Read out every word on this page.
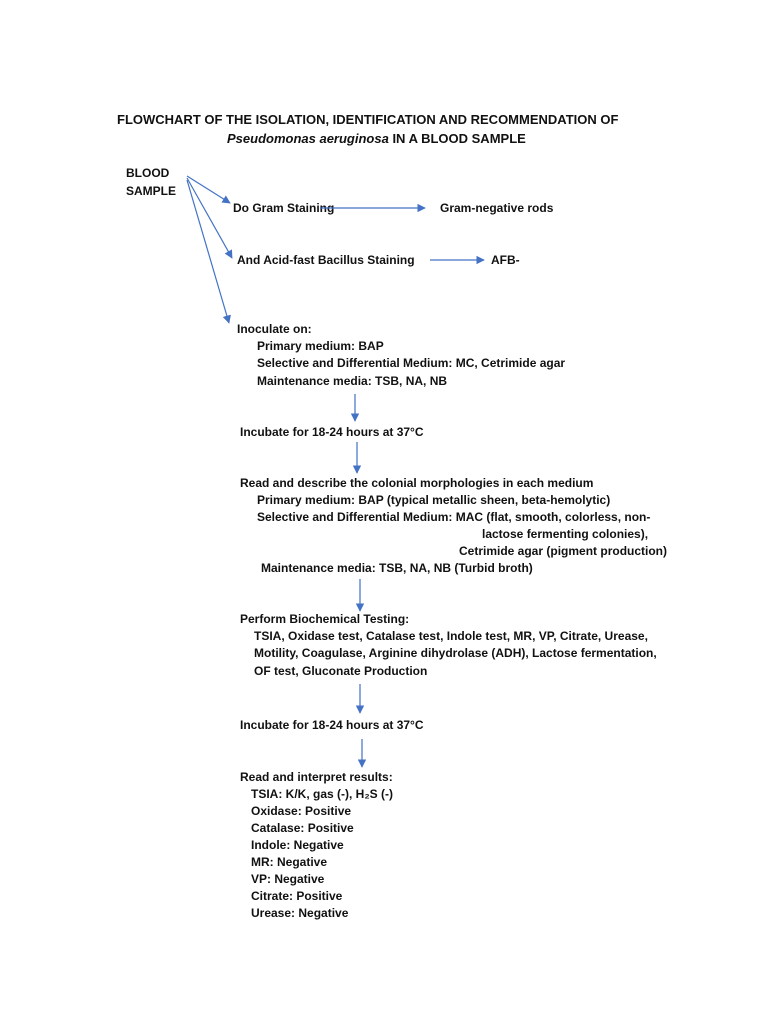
FLOWCHART OF THE ISOLATION, IDENTIFICATION AND RECOMMENDATION OF
Pseudomonas aeruginosa IN A BLOOD SAMPLE
BLOOD
SAMPLE
Do Gram Staining	Gram-negative rods
And Acid-fast Bacillus Staining	AFB-
Inoculate on:
Primary medium: BAP
Selective and Differential Medium: MC, Cetrimide agar
Maintenance media: TSB, NA, NB
Incubate for 18-24 hours at 37°C
Read and describe the colonial morphologies in each medium
Primary medium: BAP (typical metallic sheen, beta-hemolytic)
Selective and Differential Medium: MAC (flat, smooth, colorless, non-
lactose fermenting colonies),
Cetrimide agar (pigment production)
Maintenance media: TSB, NA, NB (Turbid broth)
Perform Biochemical Testing:
TSIA, Oxidase test, Catalase test, Indole test, MR, VP, Citrate, Urease,
Motility, Coagulase, Arginine dihydrolase (ADH), Lactose fermentation,
OF test, Gluconate Production
Incubate for 18-24 hours at 37°C
Read and interpret results:
TSIA: K/K, gas (-), H₂S (-)
Oxidase: Positive
Catalase: Positive
Indole: Negative
MR: Negative
VP: Negative
Citrate: Positive
Urease: Negative
